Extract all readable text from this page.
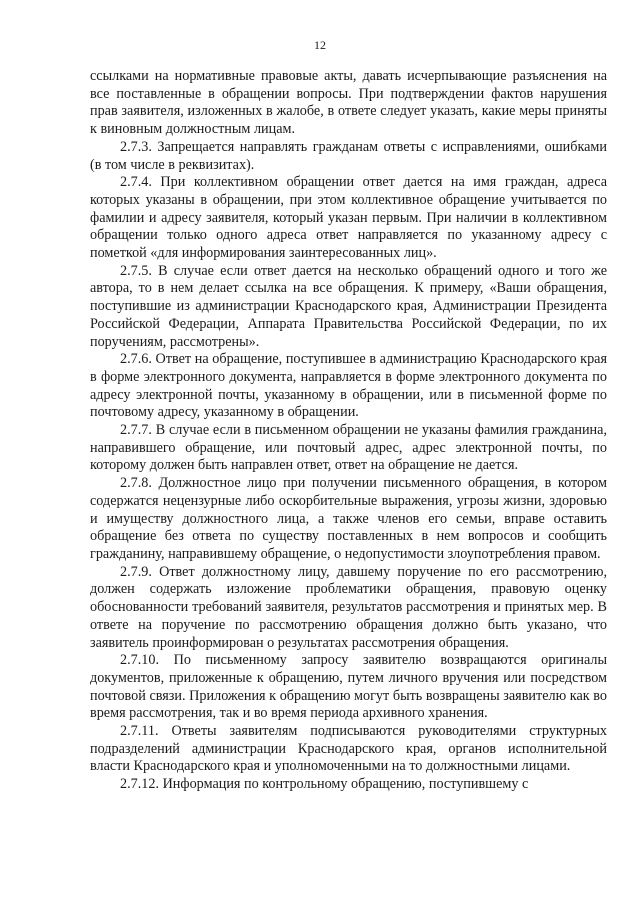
12

ссылками на нормативные правовые акты, давать исчерпывающие разъяснения на все поставленные в обращении вопросы. При подтверждении фактов нарушения прав заявителя, изложенных в жалобе, в ответе следует указать, какие меры приняты к виновным должностным лицам.

2.7.3. Запрещается направлять гражданам ответы с исправлениями, ошибками (в том числе в реквизитах).

2.7.4. При коллективном обращении ответ дается на имя граждан, адреса которых указаны в обращении, при этом коллективное обращение учитывается по фамилии и адресу заявителя, который указан первым. При наличии в коллективном обращении только одного адреса ответ направляется по указанному адресу с пометкой «для информирования заинтересованных лиц».

2.7.5. В случае если ответ дается на несколько обращений одного и того же автора, то в нем делает ссылка на все обращения. К примеру, «Ваши обращения, поступившие из администрации Краснодарского края, Администрации Президента Российской Федерации, Аппарата Правительства Российской Федерации, по их поручениям, рассмотрены».

2.7.6. Ответ на обращение, поступившее в администрацию Краснодарского края в форме электронного документа, направляется в форме электронного документа по адресу электронной почты, указанному в обращении, или в письменной форме по почтовому адресу, указанному в обращении.

2.7.7. В случае если в письменном обращении не указаны фамилия гражданина, направившего обращение, или почтовый адрес, адрес электронной почты, по которому должен быть направлен ответ, ответ на обращение не дается.

2.7.8. Должностное лицо при получении письменного обращения, в котором содержатся нецензурные либо оскорбительные выражения, угрозы жизни, здоровью и имуществу должностного лица, а также членов его семьи, вправе оставить обращение без ответа по существу поставленных в нем вопросов и сообщить гражданину, направившему обращение, о недопустимости злоупотребления правом.

2.7.9. Ответ должностному лицу, давшему поручение по его рассмотрению, должен содержать изложение проблематики обращения, правовую оценку обоснованности требований заявителя, результатов рассмотрения и принятых мер. В ответе на поручение по рассмотрению обращения должно быть указано, что заявитель проинформирован о результатах рассмотрения обращения.

2.7.10. По письменному запросу заявителю возвращаются оригиналы документов, приложенные к обращению, путем личного вручения или посредством почтовой связи. Приложения к обращению могут быть возвращены заявителю как во время рассмотрения, так и во время периода архивного хранения.

2.7.11. Ответы заявителям подписываются руководителями структурных подразделений администрации Краснодарского края, органов исполнительной власти Краснодарского края и уполномоченными на то должностными лицами.

2.7.12. Информация по контрольному обращению, поступившему с
